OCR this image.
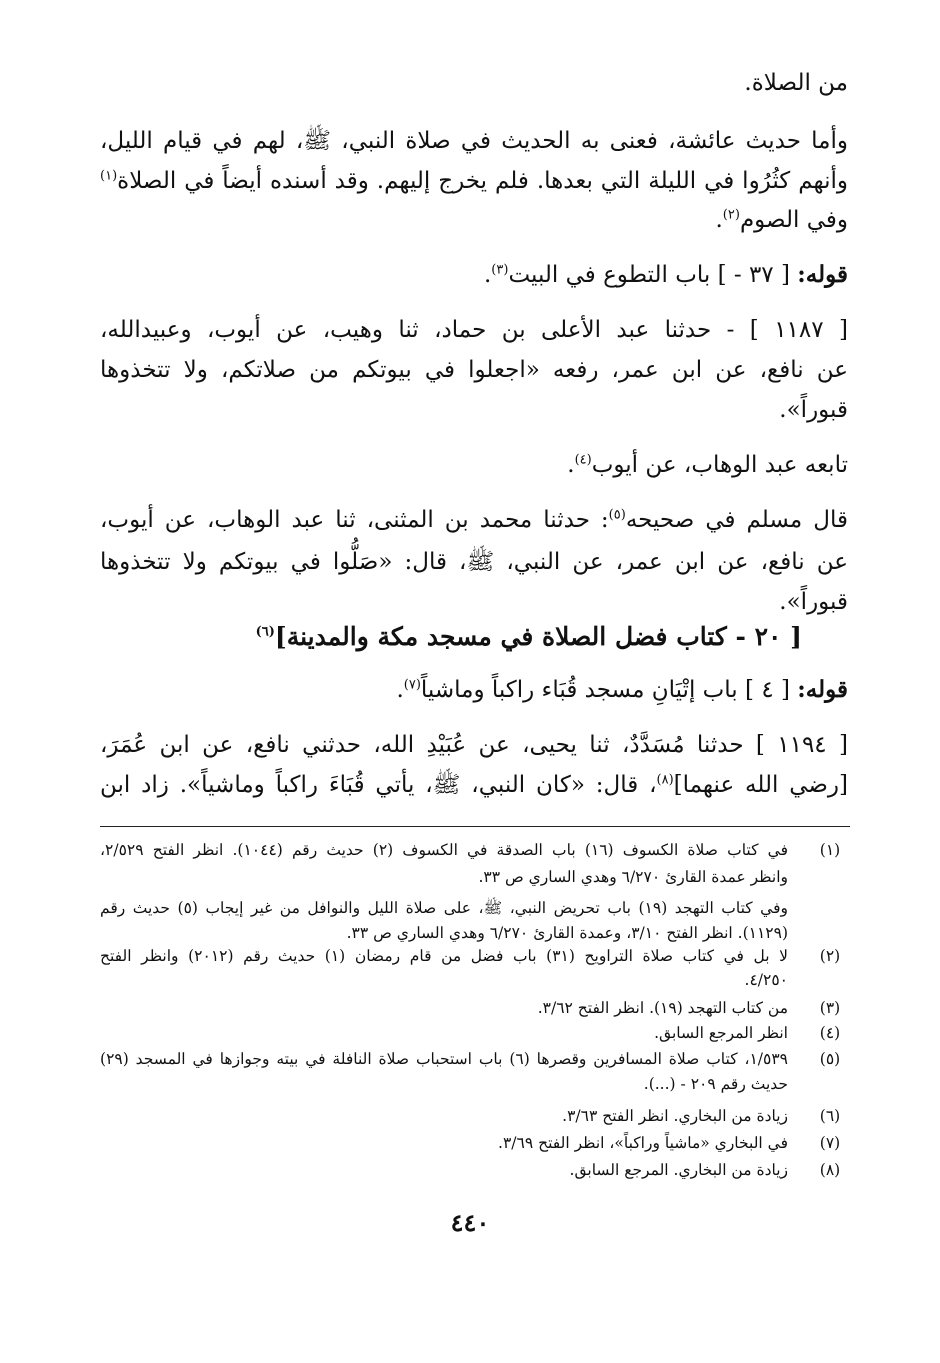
من الصلاة.
وأما حديث عائشة، فعنى به الحديث في صلاة النبي، ﷺ، لهم في قيام الليل،
وأنهم كثُرُوا في الليلة التي بعدها. فلم يخرج إليهم. وقد أسنده أيضاً في الصلاة$^{(١)}$
وفي الصوم$^{(٢)}$.
قوله: [ ٣٧ - ] باب التطوع في البيت$^{(٣)}$.
[ ١١٨٧ ] - حدثنا عبد الأعلى بن حماد، ثنا وهيب، عن أيوب، وعبيدالله،
عن نافع، عن ابن عمر، رفعه «اجعلوا في بيوتكم من صلاتكم، ولا تتخذوها
قبوراً».
تابعه عبد الوهاب، عن أيوب$^{(٤)}$.
قال مسلم في صحيحه$^{(٥)}$: حدثنا محمد بن المثنى، ثنا عبد الوهاب، عن أيوب،
عن نافع، عن ابن عمر، عن النبي، ﷺ، قال: «صَلُّوا في بيوتكم ولا تتخذوها
قبوراً».
[ ٢٠ - كتاب فضل الصلاة في مسجد مكة والمدينة]$^{(٦)}$
قوله: [ ٤ ] باب إتْيَانِ مسجد قُبَاء راكباً وماشياً$^{(٧)}$.
[ ١١٩٤ ] حدثنا مُسَدَّدٌ، ثنا يحيى، عن عُبَيْدِ الله، حدثني نافع، عن ابن عُمَرَ،
[رضي الله عنهما]$^{(٨)}$، قال: «كان النبي، ﷺ، يأتي قُبَاءَ راكباً وماشياً». زاد ابن
(١)
في كتاب صلاة الكسوف (١٦) باب الصدقة في الكسوف (٢) حديث رقم (١٠٤٤). انظر الفتح ٢/٥٢٩،
وانظر عمدة القارئ ٦/٢٧٠ وهدي الساري ص ٣٣.
وفي كتاب التهجد (١٩) باب تحريض النبي، ﷺ، على صلاة الليل والنوافل من غير إيجاب (٥) حديث رقم
(١١٢٩). انظر الفتح ٣/١٠، وعمدة القارئ ٦/٢٧٠ وهدي الساري ص ٣٣.
(٢)
لا بل في كتاب صلاة التراويح (٣١) باب فضل من قام رمضان (١) حديث رقم (٢٠١٢) وانظر الفتح
٤/٢٥٠.
(٣)
من كتاب التهجد (١٩). انظر الفتح ٣/٦٢.
(٤)
انظر المرجع السابق.
(٥)
١/٥٣٩، كتاب صلاة المسافرين وقصرها (٦) باب استحباب صلاة النافلة في بيته وجوازها في المسجد (٢٩)
حديث رقم ٢٠٩ - (...).
(٦)
زيادة من البخاري. انظر الفتح ٣/٦٣.
(٧)
في البخاري «ماشياً وراكباً»، انظر الفتح ٣/٦٩.
(٨)
زيادة من البخاري. المرجع السابق.
٤٤٠
